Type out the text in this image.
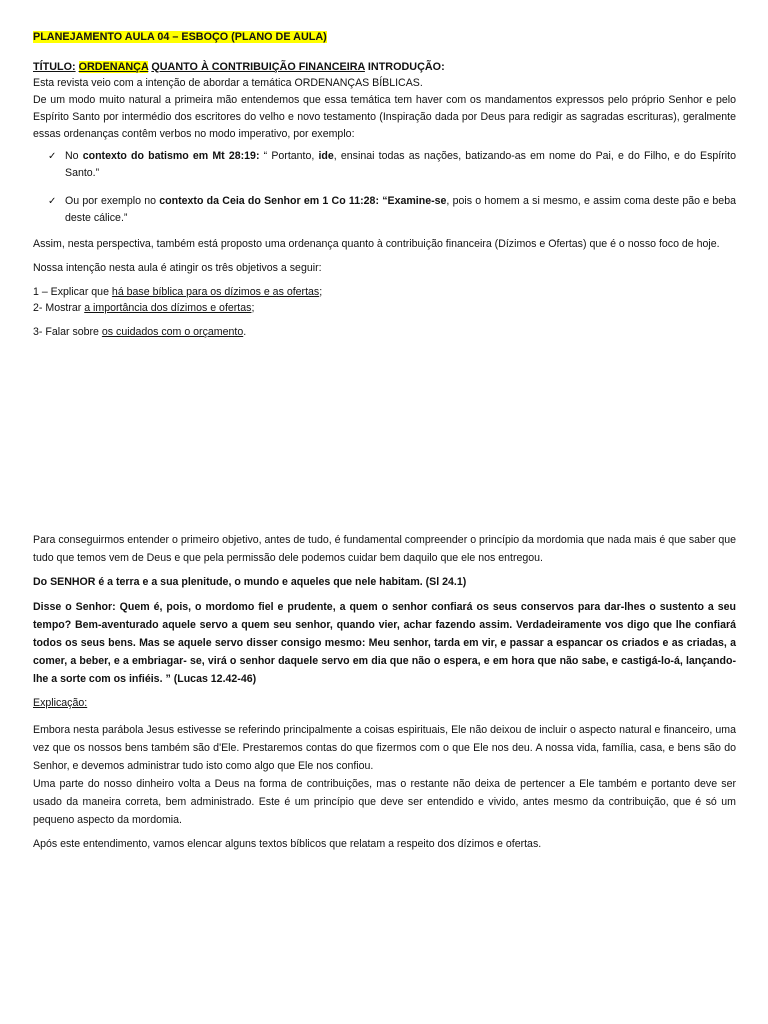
PLANEJAMENTO AULA 04 – ESBOÇO (PLANO DE AULA)

TÍTULO: ORDENANÇA QUANTO À CONTRIBUIÇÃO FINANCEIRA INTRODUÇÃO:

Esta revista veio com a intenção de abordar a temática ORDENANÇAS BÍBLICAS.

De um modo muito natural a primeira mão entendemos que essa temática tem haver com os mandamentos expressos pelo próprio Senhor e pelo Espírito Santo por intermédio dos escritores do velho e novo testamento (Inspiração dada por Deus para redigir as sagradas escrituras), geralmente essas ordenanças contêm verbos no modo imperativo, por exemplo:

✓ No contexto do batismo em Mt 28:19: “ Portanto, ide, ensinai todas as nações, batizando-as em nome do Pai, e do Filho, e do Espírito Santo.”
✓ Ou por exemplo no contexto da Ceia do Senhor em 1 Co 11:28: “Examine-se, pois o homem a si mesmo, e assim coma deste pão e beba deste cálice.”

Assim, nesta perspectiva, também está proposto uma ordenança quanto à contribuição financeira (Dízimos e Ofertas) que é o nosso foco de hoje.

Nossa intenção nesta aula é atingir os três objetivos a seguir:

1 – Explicar que há base bíblica para os dízimos e as ofertas;

2- Mostrar a importância dos dízimos e ofertas;

3- Falar sobre os cuidados com o orçamento.

Para conseguirmos entender o primeiro objetivo, antes de tudo, é fundamental compreender o princípio da mordomia que nada mais é que saber que tudo que temos vem de Deus e que pela permissão dele podemos cuidar bem daquilo que ele nos entregou.

Do SENHOR é a terra e a sua plenitude, o mundo e aqueles que nele habitam. (Sl 24.1)

Disse o Senhor: Quem é, pois, o mordomo fiel e prudente, a quem o senhor confiará os seus conservos para dar-lhes o sustento a seu tempo? Bem-aventurado aquele servo a quem seu senhor, quando vier, achar fazendo assim. Verdadeiramente vos digo que lhe confiará todos os seus bens. Mas se aquele servo disser consigo mesmo: Meu senhor, tarda em vir, e passar a espancar os criados e as criadas, a comer, a beber, e a embriagar- se, virá o senhor daquele servo em dia que não o espera, e em hora que não sabe, e castigá-lo-á, lançando-lhe a sorte com os infiéis. ” (Lucas 12.42-46)

Explicação:

Embora nesta parábola Jesus estivesse se referindo principalmente a coisas espirituais, Ele não deixou de incluir o aspecto natural e financeiro, uma vez que os nossos bens também são d'Ele. Prestaremos contas do que fizermos com o que Ele nos deu. A nossa vida, família, casa, e bens são do Senhor, e devemos administrar tudo isto como algo que Ele nos confiou.

Uma parte do nosso dinheiro volta a Deus na forma de contribuições, mas o restante não deixa de pertencer a Ele também e portanto deve ser usado da maneira correta, bem administrado. Este é um princípio que deve ser entendido e vivido, antes mesmo da contribuição, que é só um pequeno aspecto da mordomia.

Após este entendimento, vamos elencar alguns textos bíblicos que relatam a respeito dos dízimos e ofertas.
